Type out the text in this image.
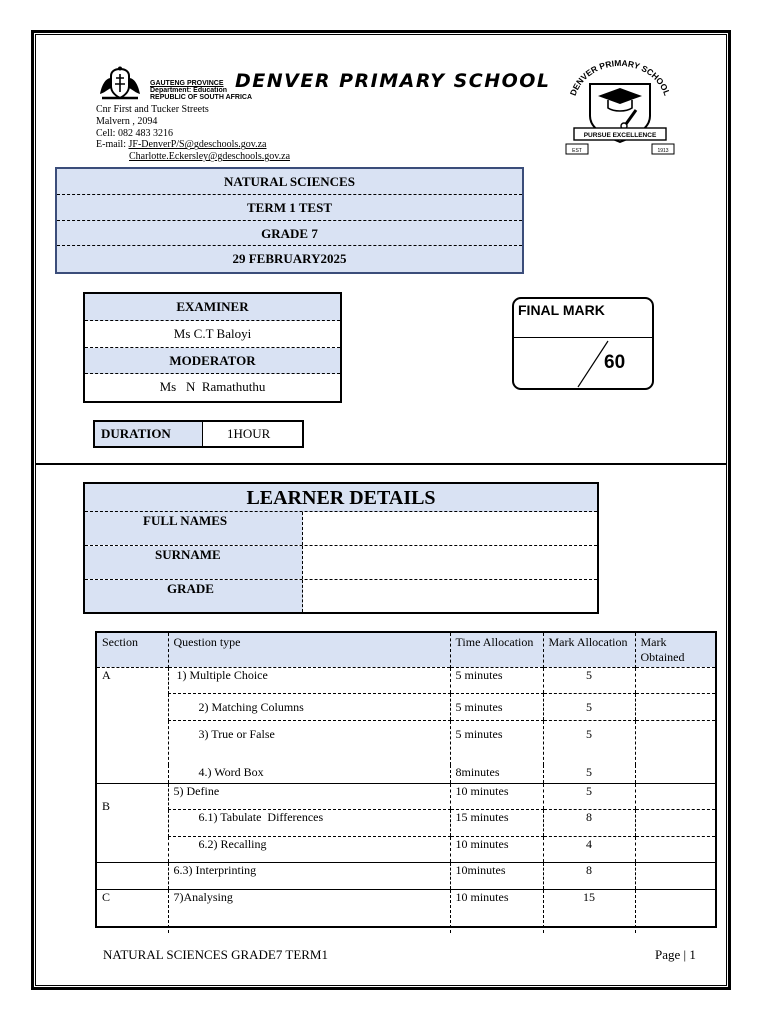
GAUTENG PROVINCE
Department: Education
REPUBLIC OF SOUTH AFRICA
DENVER PRIMARY SCHOOL
Cnr First and Tucker Streets
Malvern , 2094
Cell: 082 483 3216
E-mail: JF-DenverP/S@gdeschools.gov.za
Charlotte.Eckersley@gdeschools.gov.za
DENVER PRIMARY SCHOOL
PURSUE EXCELLENCE
EST	1913
NATURAL SCIENCES
TERM 1 TEST
GRADE 7
29 FEBRUARY2025
EXAMINER
Ms C.T Baloyi
MODERATOR
Ms   N  Ramathuthu
FINAL MARK
60
DURATION	1HOUR
LEARNER DETAILS
FULL NAMES
SURNAME
GRADE
Section	Question type	Time Allocation	Mark Allocation	Mark Obtained
A	1) Multiple Choice	5 minutes	5	
	2) Matching Columns	5 minutes	5	
	3) True or False	5 minutes	5	
	4.) Word Box	8minutes	5	
	5) Define	10 minutes	5	
B	6.1) Tabulate  Differences	15 minutes	8	
	6.2) Recalling	10 minutes	4	
	6.3) Interprinting	10minutes	8	
C	7)Analysing	10 minutes	15	
NATURAL SCIENCES GRADE7 TERM1	Page | 1
